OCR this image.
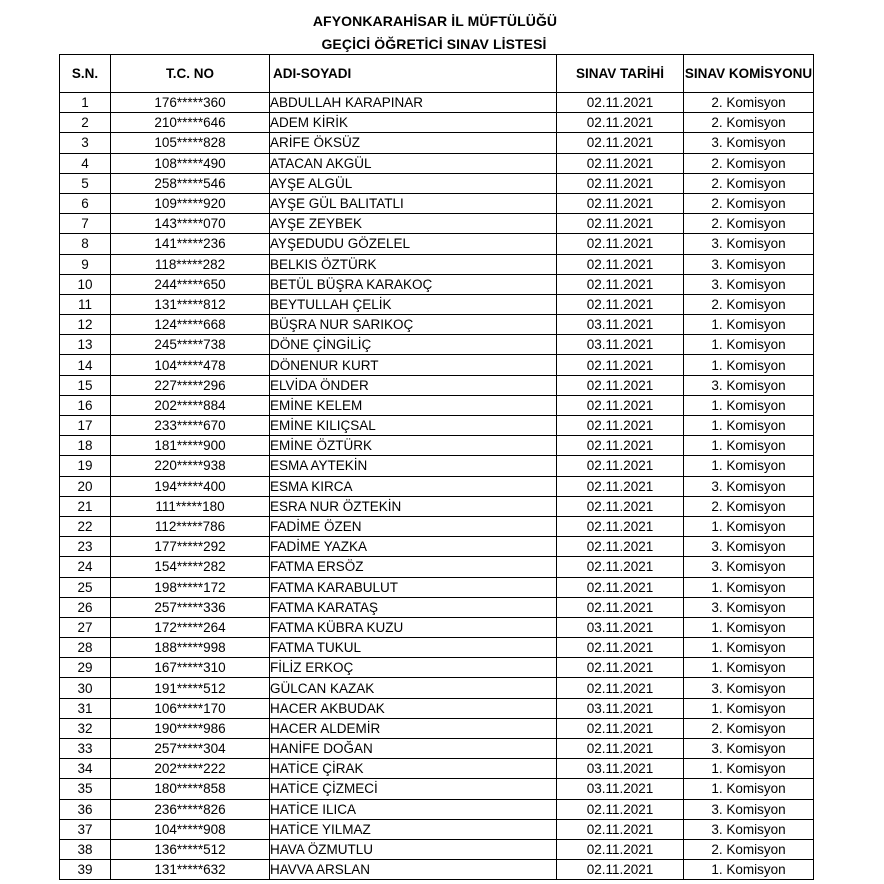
AFYONKARAHİSAR İL MÜFTÜLÜĞÜ
GEÇİCİ ÖĞRETİCİ SINAV LİSTESİ
S.N.	T.C. NO	ADI-SOYADI	SINAV TARİHİ	SINAV KOMİSYONU
1	176*****360	ABDULLAH KARAPINAR	02.11.2021	2. Komisyon
2	210*****646	ADEM KİRİK	02.11.2021	2. Komisyon
3	105*****828	ARİFE ÖKSÜZ	02.11.2021	3. Komisyon
4	108*****490	ATACAN AKGÜL	02.11.2021	2. Komisyon
5	258*****546	AYŞE ALGÜL	02.11.2021	2. Komisyon
6	109*****920	AYŞE GÜL BALITATLI	02.11.2021	2. Komisyon
7	143*****070	AYŞE ZEYBEK	02.11.2021	2. Komisyon
8	141*****236	AYŞEDUDU GÖZELEL	02.11.2021	3. Komisyon
9	118*****282	BELKIS ÖZTÜRK	02.11.2021	3. Komisyon
10	244*****650	BETÜL BÜŞRA KARAKOÇ	02.11.2021	3. Komisyon
11	131*****812	BEYTULLAH ÇELİK	02.11.2021	2. Komisyon
12	124*****668	BÜŞRA NUR SARIKOÇ	03.11.2021	1. Komisyon
13	245*****738	DÖNE ÇİNGİLİÇ	03.11.2021	1. Komisyon
14	104*****478	DÖNENUR KURT	02.11.2021	1. Komisyon
15	227*****296	ELVİDA ÖNDER	02.11.2021	3. Komisyon
16	202*****884	EMİNE KELEM	02.11.2021	1. Komisyon
17	233*****670	EMİNE KILIÇSAL	02.11.2021	1. Komisyon
18	181*****900	EMİNE ÖZTÜRK	02.11.2021	1. Komisyon
19	220*****938	ESMA AYTEKİN	02.11.2021	1. Komisyon
20	194*****400	ESMA KIRCA	02.11.2021	3. Komisyon
21	111*****180	ESRA NUR ÖZTEKİN	02.11.2021	2. Komisyon
22	112*****786	FADİME ÖZEN	02.11.2021	1. Komisyon
23	177*****292	FADİME YAZKA	02.11.2021	3. Komisyon
24	154*****282	FATMA ERSÖZ	02.11.2021	3. Komisyon
25	198*****172	FATMA KARABULUT	02.11.2021	1. Komisyon
26	257*****336	FATMA KARATAŞ	02.11.2021	3. Komisyon
27	172*****264	FATMA KÜBRA KUZU	03.11.2021	1. Komisyon
28	188*****998	FATMA TUKUL	02.11.2021	1. Komisyon
29	167*****310	FİLİZ ERKOÇ	02.11.2021	1. Komisyon
30	191*****512	GÜLCAN KAZAK	02.11.2021	3. Komisyon
31	106*****170	HACER AKBUDAK	03.11.2021	1. Komisyon
32	190*****986	HACER ALDEMİR	02.11.2021	2. Komisyon
33	257*****304	HANİFE DOĞAN	02.11.2021	3. Komisyon
34	202*****222	HATİCE ÇİRAK	03.11.2021	1. Komisyon
35	180*****858	HATİCE ÇİZMECİ	03.11.2021	1. Komisyon
36	236*****826	HATİCE ILICA	02.11.2021	3. Komisyon
37	104*****908	HATİCE YILMAZ	02.11.2021	3. Komisyon
38	136*****512	HAVA ÖZMUTLU	02.11.2021	2. Komisyon
39	131*****632	HAVVA ARSLAN	02.11.2021	1. Komisyon
